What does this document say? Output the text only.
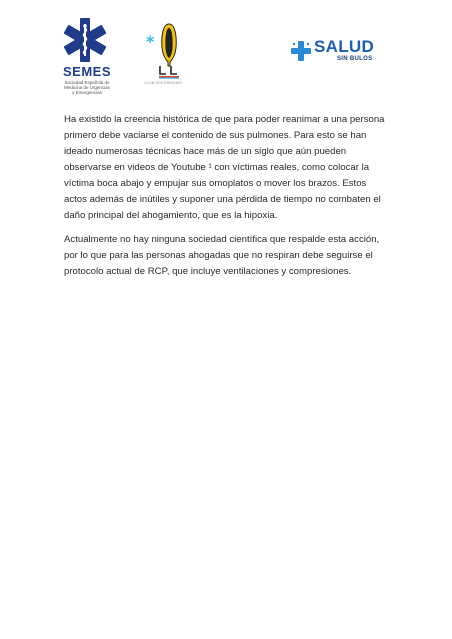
SEMES
Sociedad Española de
Medicina de Urgencias
y Emergencias
*
CLUB SOCORRISMO
SALUD
SIN BULOS

Ha existido la creencia histórica de que para poder reanimar a una persona primero debe vaciarse el contenido de sus pulmones. Para esto se han ideado numerosas técnicas hace más de un siglo que aún pueden observarse en videos de Youtube ¹ con víctimas reales, como colocar la víctima boca abajo y empujar sus omoplatos o mover los brazos. Estos actos además de inútiles y suponer una pérdida de tiempo no combaten el daño principal del ahogamiento, que es la hipoxia.

Actualmente no hay ninguna sociedad científica que respalde esta acción, por lo que para las personas ahogadas que no respiran debe seguirse el protocolo actual de RCP, que incluye ventilaciones y compresiones.
